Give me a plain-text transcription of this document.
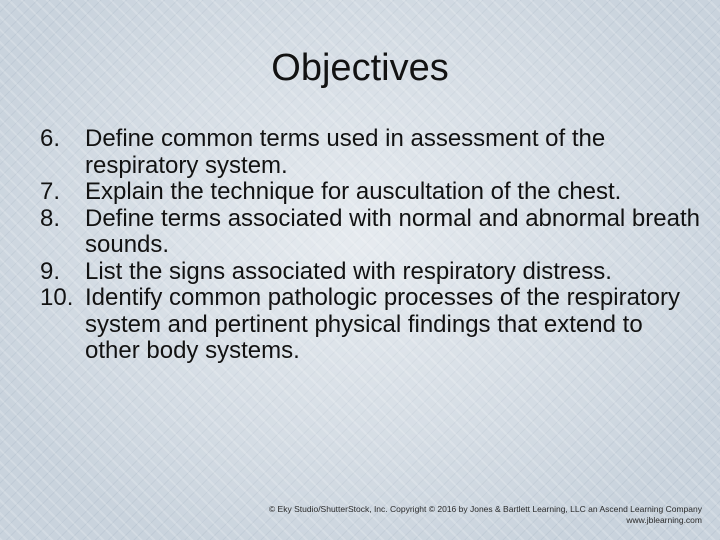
Objectives
6.	Define common terms used in assessment of the respiratory system.
7.	Explain the technique for auscultation of the chest.
8.	Define terms associated with normal and abnormal breath sounds.
9.	List the signs associated with respiratory distress.
10. Identify common pathologic processes of the respiratory system and pertinent physical findings that extend to other body systems.
© Eky Studio/ShutterStock, Inc. Copyright © 2016 by Jones & Bartlett Learning, LLC an Ascend Learning Company
www.jblearning.com
